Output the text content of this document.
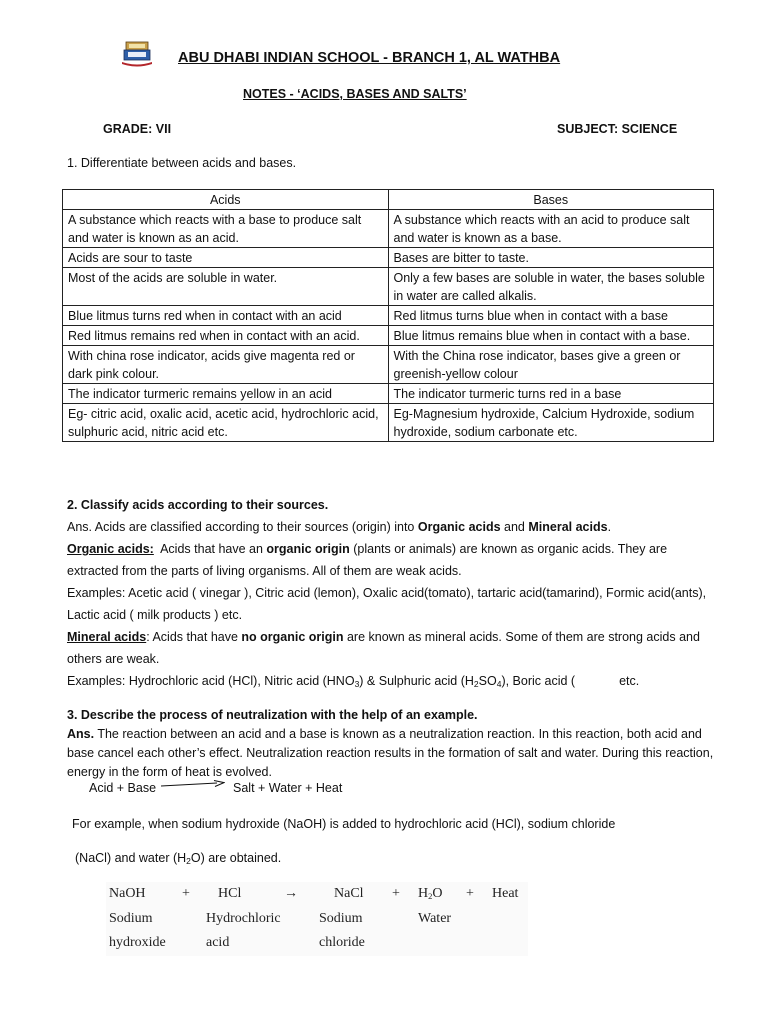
ABU DHABI INDIAN SCHOOL - BRANCH 1, AL WATHBA
NOTES - ‘ACIDS, BASES AND SALTS’
GRADE: VII	SUBJECT: SCIENCE
1. Differentiate between acids and bases.
Acids	Bases
A substance which reacts with a base to produce salt and water is known as an acid.	A substance which reacts with an acid to produce salt and water is known as a base.
Acids are sour to taste	Bases are bitter to taste.
Most of the acids are soluble in water.	Only a few bases are soluble in water, the bases soluble in water are called alkalis.
Blue litmus turns red when in contact with an acid	Red litmus turns blue when in contact with a base
Red litmus remains red when in contact with an acid.	Blue litmus remains blue when in contact with a base.
With china rose indicator, acids give magenta red or dark pink colour.	With the China rose indicator, bases give a green or greenish-yellow colour
The indicator turmeric remains yellow in an acid	The indicator turmeric turns red in a base
Eg- citric acid, oxalic acid, acetic acid, hydrochloric acid, sulphuric acid, nitric acid etc.	Eg-Magnesium hydroxide, Calcium Hydroxide, sodium hydroxide, sodium carbonate etc.

2. Classify acids according to their sources.

Ans. Acids are classified according to their sources (origin) into Organic acids and Mineral acids.

Organic acids:  Acids that have an organic origin (plants or animals) are known as organic acids. They are extracted from the parts of living organisms. All of them are weak acids.

Examples: Acetic acid ( vinegar ), Citric acid (lemon), Oxalic acid(tomato), tartaric acid(tamarind), Formic acid(ants), Lactic acid ( milk products ) etc.

Mineral acids: Acids that have no organic origin are known as mineral acids. Some of them are strong acids and others are weak.

Examples: Hydrochloric acid (HCl), Nitric acid $(HNO_3)$ & Sulphuric acid $(H_2SO_4)$, Boric acid (	etc.

3. Describe the process of neutralization with the help of an example.

Ans. The reaction between an acid and a base is known as a neutralization reaction. In this reaction, both acid and base cancel each other’s effect. Neutralization reaction results in the formation of salt and water. During this reaction, energy in the form of heat is evolved.

Acid + Base	Salt + Water + Heat
For example, when sodium hydroxide (NaOH) is added to hydrochloric acid (HCl), sodium chloride
(NaCl) and water $(H_2O)$ are obtained.
NaOH	+ HCl	→	NaCl + $H_2O$ + Heat
Sodium	Hydrochloric	Sodium	Water
hydroxide	acid	chloride
